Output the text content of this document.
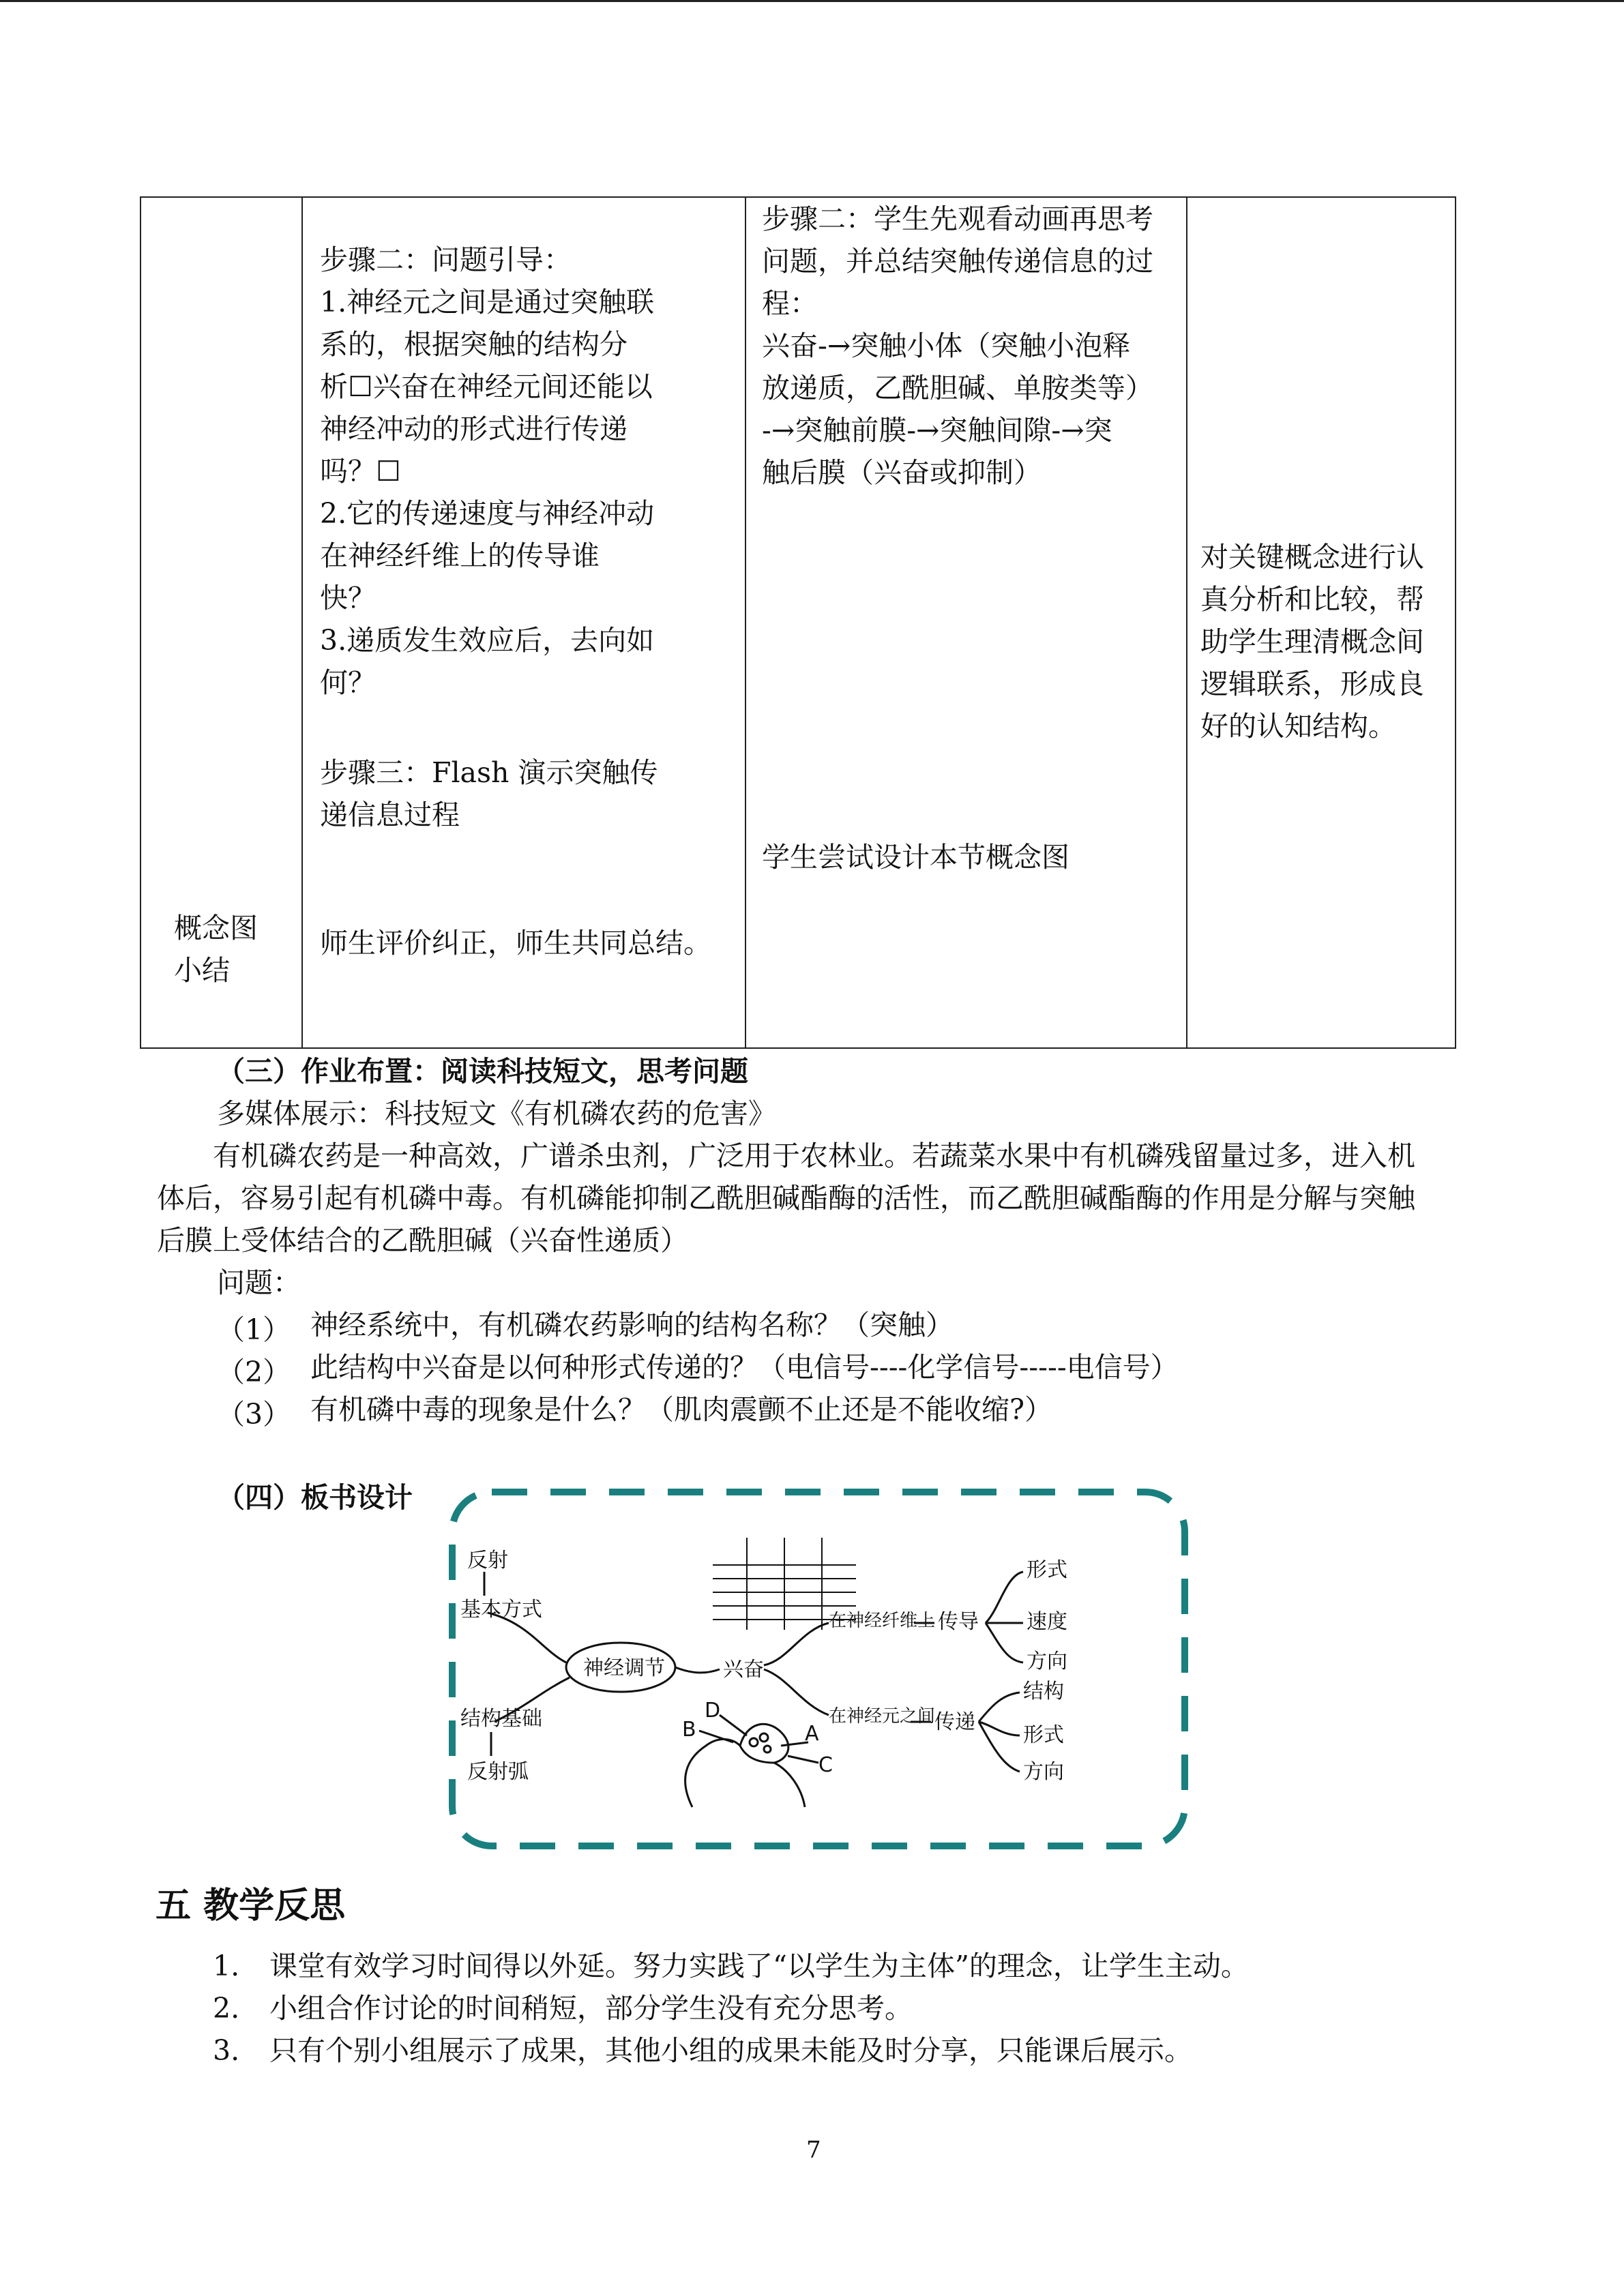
概念图
小结
步骤二：问题引导：
1.神经元之间是通过突触联
系的，根据突触的结构分
析☐兴奋在神经元间还能以
神经冲动的形式进行传递
吗？☐
2.它的传递速度与神经冲动
在神经纤维上的传导谁
快？
3.递质发生效应后，去向如
何？
步骤三：Flash 演示突触传
递信息过程
师生评价纠正，师生共同总结。
步骤二：学生先观看动画再思考
问题，并总结突触传递信息的过
程：
兴奋-→突触小体（突触小泡释
放递质，乙酰胆碱、单胺类等）
-→突触前膜-→突触间隙-→突
触后膜（兴奋或抑制）
学生尝试设计本节概念图
对关键概念进行认
真分析和比较，帮
助学生理清概念间
逻辑联系，形成良
好的认知结构。
（三）作业布置：阅读科技短文，思考问题
多媒体展示：科技短文《有机磷农药的危害》
有机磷农药是一种高效，广谱杀虫剂，广泛用于农林业。若蔬菜水果中有机磷残留量过多，进入机
体后，容易引起有机磷中毒。有机磷能抑制乙酰胆碱酯酶的活性，而乙酰胆碱酯酶的作用是分解与突触
后膜上受体结合的乙酰胆碱（兴奋性递质）
问题：
（1） 神经系统中，有机磷农药影响的结构名称？（突触）
（2） 此结构中兴奋是以何种形式传递的？（电信号----化学信号-----电信号）
（3） 有机磷中毒的现象是什么？（肌肉震颤不止还是不能收缩?）
（四）板书设计
神经调节
反射
基本方式
结构基础
反射弧
兴奋
在神经纤维上 传导
形式
速度
方向
在神经元之间
传递
结构
形式
方向
A
B
C
D
五 教学反思
1. 课堂有效学习时间得以外延。努力实践了“以学生为主体”的理念，让学生主动。
2. 小组合作讨论的时间稍短，部分学生没有充分思考。
3. 只有个别小组展示了成果，其他小组的成果未能及时分享，只能课后展示。
7
